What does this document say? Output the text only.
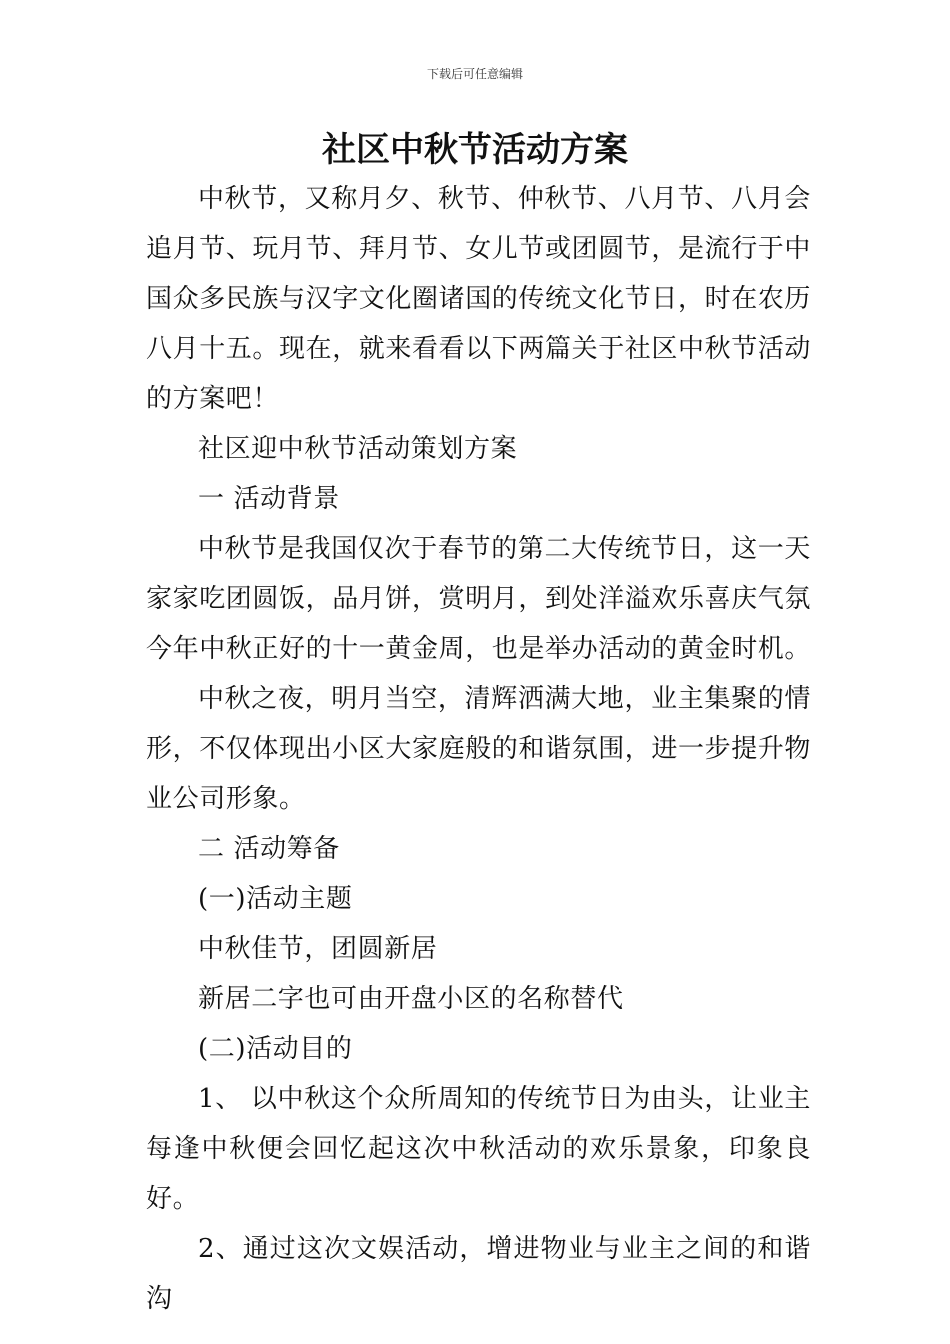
下载后可任意编辑
社区中秋节活动方案

中秋节，又称月夕、秋节、仲秋节、八月节、八月会追月节、玩月节、拜月节、女儿节或团圆节，是流行于中国众多民族与汉字文化圈诸国的传统文化节日，时在农历八月十五。现在，就来看看以下两篇关于社区中秋节活动的方案吧！

社区迎中秋节活动策划方案

一 活动背景

中秋节是我国仅次于春节的第二大传统节日，这一天家家吃团圆饭，品月饼，赏明月，到处洋溢欢乐喜庆气氛今年中秋正好的十一黄金周，也是举办活动的黄金时机。

中秋之夜，明月当空，清辉洒满大地，业主集聚的情形，不仅体现出小区大家庭般的和谐氛围，进一步提升物业公司形象。

二 活动筹备

(一)活动主题

中秋佳节，团圆新居

新居二字也可由开盘小区的名称替代

(二)活动目的

1、 以中秋这个众所周知的传统节日为由头，让业主每逢中秋便会回忆起这次中秋活动的欢乐景象，印象良好。

2、通过这次文娱活动，增进物业与业主之间的和谐沟
